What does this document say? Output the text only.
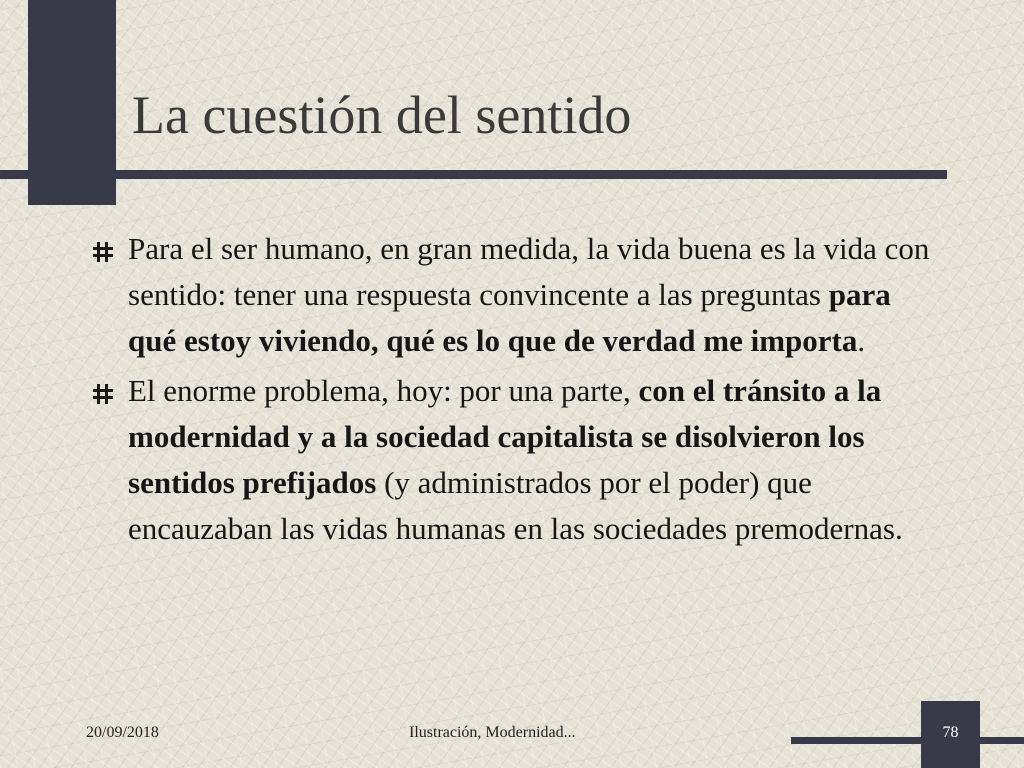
La cuestión del sentido
Para el ser humano, en gran medida, la vida buena es la vida con sentido: tener una respuesta convincente a las preguntas para qué estoy viviendo, qué es lo que de verdad me importa.
El enorme problema, hoy: por una parte, con el tránsito a la modernidad y a la sociedad capitalista se disolvieron los sentidos prefijados (y administrados por el poder) que encauzaban las vidas humanas en las sociedades premodernas.
20/09/2018	Ilustración, Modernidad...	78
